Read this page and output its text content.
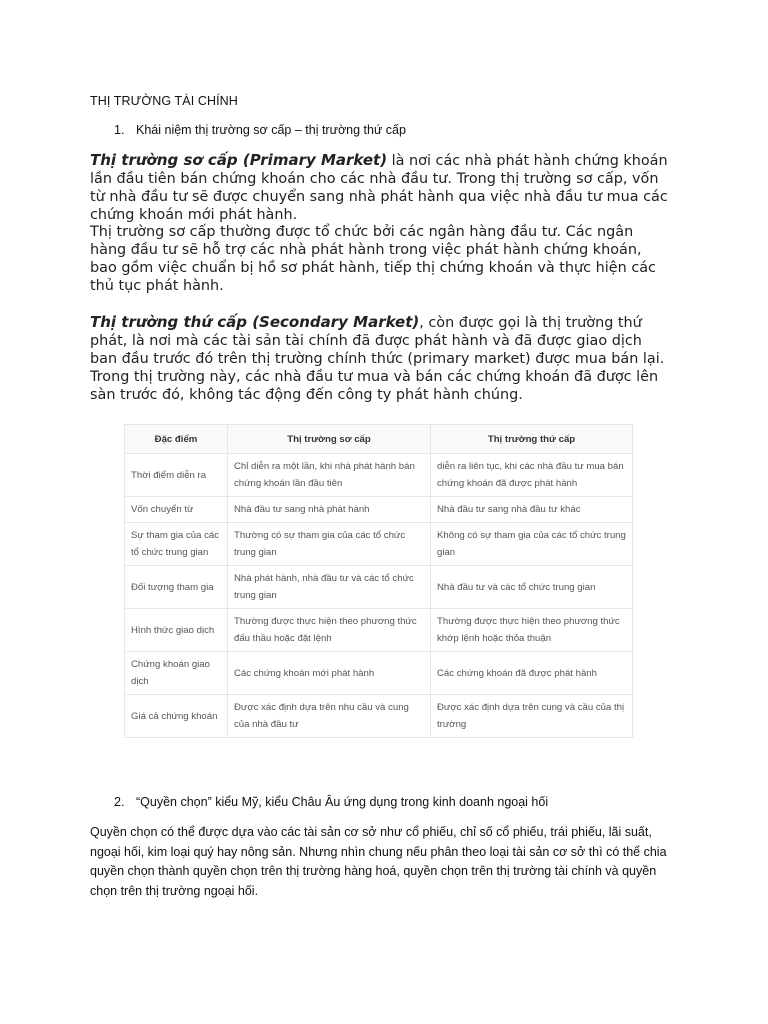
THỊ TRƯỜNG TÀI CHÍNH
1. Khái niệm thị trường sơ cấp – thị trường thứ cấp
Thị trường sơ cấp (Primary Market) là nơi các nhà phát hành chứng khoán lần đầu tiên bán chứng khoán cho các nhà đầu tư. Trong thị trường sơ cấp, vốn từ nhà đầu tư sẽ được chuyển sang nhà phát hành qua việc nhà đầu tư mua các chứng khoán mới phát hành.
Thị trường sơ cấp thường được tổ chức bởi các ngân hàng đầu tư. Các ngân hàng đầu tư sẽ hỗ trợ các nhà phát hành trong việc phát hành chứng khoán, bao gồm việc chuẩn bị hồ sơ phát hành, tiếp thị chứng khoán và thực hiện các thủ tục phát hành.
Thị trường thứ cấp (Secondary Market), còn được gọi là thị trường thứ phát, là nơi mà các tài sản tài chính đã được phát hành và đã được giao dịch ban đầu trước đó trên thị trường chính thức (primary market) được mua bán lại. Trong thị trường này, các nhà đầu tư mua và bán các chứng khoán đã được lên sàn trước đó, không tác động đến công ty phát hành chúng.
Đặc điểm	Thị trường sơ cấp	Thị trường thứ cấp
Thời điểm diễn ra	Chỉ diễn ra một lần, khi nhà phát hành bán chứng khoán lần đầu tiên	diễn ra liên tục, khi các nhà đầu tư mua bán chứng khoán đã được phát hành
Vốn chuyển từ	Nhà đầu tư sang nhà phát hành	Nhà đầu tư sang nhà đầu tư khác
Sự tham gia của các tổ chức trung gian	Thường có sự tham gia của các tổ chức trung gian	Không có sự tham gia của các tổ chức trung gian
Đối tượng tham gia	Nhà phát hành, nhà đầu tư và các tổ chức trung gian	Nhà đầu tư và các tổ chức trung gian
Hình thức giao dịch	Thường được thực hiện theo phương thức đấu thầu hoặc đặt lệnh	Thường được thực hiện theo phương thức khớp lệnh hoặc thỏa thuận
Chứng khoán giao dịch	Các chứng khoán mới phát hành	Các chứng khoán đã được phát hành
Giá cả chứng khoán	Được xác định dựa trên nhu cầu và cung của nhà đầu tư	Được xác định dựa trên cung và cầu của thị trường
2. “Quyền chọn” kiểu Mỹ, kiểu Châu Âu ứng dụng trong kinh doanh ngoại hối
Quyền chọn có thể được dựa vào các tài sản cơ sở như cổ phiếu, chỉ số cổ phiếu, trái phiếu, lãi suất, ngoại hối, kim loại quý hay nông sản. Nhưng nhìn chung nếu phân theo loại tài sản cơ sở thì có thể chia quyền chọn thành quyền chọn trên thị trường hàng hoá, quyền chọn trên thị trường tài chính và quyền chọn trên thị trường ngoại hối.
